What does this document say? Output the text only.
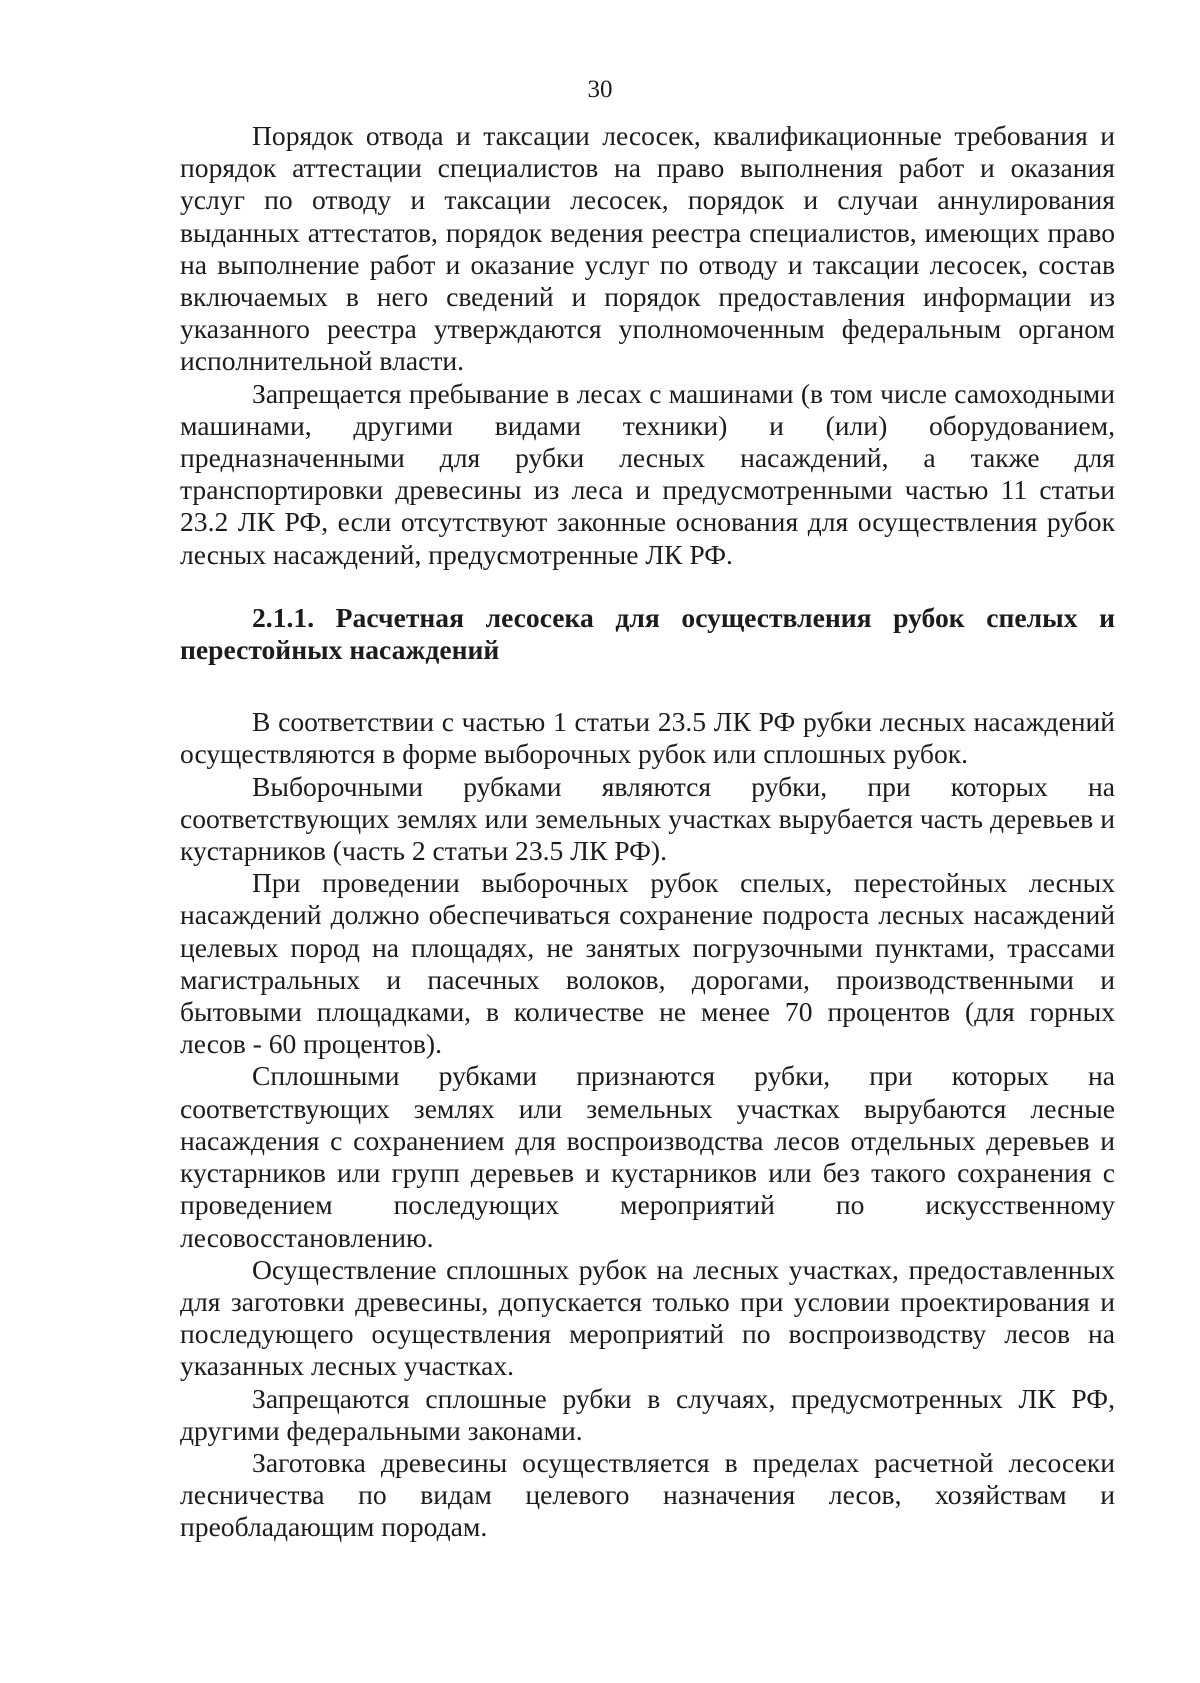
30

Порядок отвода и таксации лесосек, квалификационные требования и порядок аттестации специалистов на право выполнения работ и оказания услуг по отводу и таксации лесосек, порядок и случаи аннулирования выданных аттестатов, порядок ведения реестра специалистов, имеющих право на выполнение работ и оказание услуг по отводу и таксации лесосек, состав включаемых в него сведений и порядок предоставления информации из указанного реестра утверждаются уполномоченным федеральным органом исполнительной власти.

Запрещается пребывание в лесах с машинами (в том числе самоходными машинами, другими видами техники) и (или) оборудованием, предназначенными для рубки лесных насаждений, а также для транспортировки древесины из леса и предусмотренными частью 11 статьи 23.2 ЛК РФ, если отсутствуют законные основания для осуществления рубок лесных насаждений, предусмотренные ЛК РФ.

2.1.1. Расчетная лесосека для осуществления рубок спелых и перестойных насаждений

В соответствии с частью 1 статьи 23.5 ЛК РФ рубки лесных насаждений осуществляются в форме выборочных рубок или сплошных рубок.

Выборочными рубками являются рубки, при которых на соответствующих землях или земельных участках вырубается часть деревьев и кустарников (часть 2 статьи 23.5 ЛК РФ).

При проведении выборочных рубок спелых, перестойных лесных насаждений должно обеспечиваться сохранение подроста лесных насаждений целевых пород на площадях, не занятых погрузочными пунктами, трассами магистральных и пасечных волоков, дорогами, производственными и бытовыми площадками, в количестве не менее 70 процентов (для горных лесов - 60 процентов).

Сплошными рубками признаются рубки, при которых на соответствующих землях или земельных участках вырубаются лесные насаждения с сохранением для воспроизводства лесов отдельных деревьев и кустарников или групп деревьев и кустарников или без такого сохранения с проведением последующих мероприятий по искусственному лесовосстановлению.

Осуществление сплошных рубок на лесных участках, предоставленных для заготовки древесины, допускается только при условии проектирования и последующего осуществления мероприятий по воспроизводству лесов на указанных лесных участках.

Запрещаются сплошные рубки в случаях, предусмотренных ЛК РФ, другими федеральными законами.

Заготовка древесины осуществляется в пределах расчетной лесосеки лесничества по видам целевого назначения лесов, хозяйствам и преобладающим породам.
